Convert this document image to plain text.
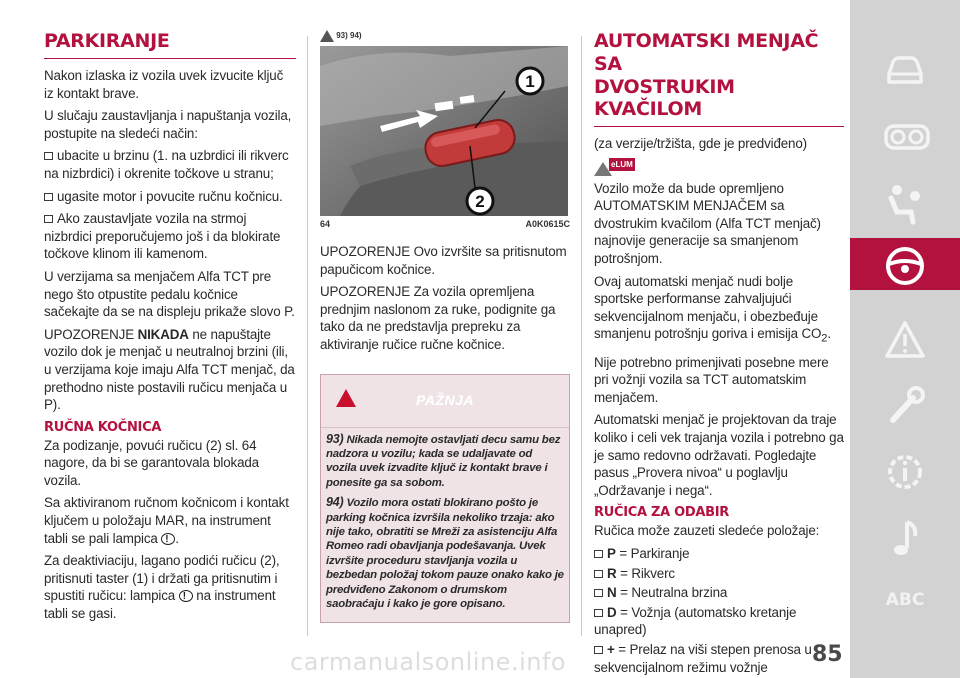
PARKIRANJE

Nakon izlaska iz vozila uvek izvucite ključ iz kontakt brave.

U slučaju zaustavljanja i napuštanja vozila, postupite na sledeći način:

ubacite u brzinu (1. na uzbrdici ili rikverc na nizbrdici) i okrenite točkove u stranu;

ugasite motor i povucite ručnu kočnicu.

Ako zaustavljate vozila na strmoj nizbrdici preporučujemo još i da blokirate točkove klinom ili kamenom.

U verzijama sa menjačem Alfa TCT pre nego što otpustite pedalu kočnice sačekajte da se na displeju prikaže slovo P.

UPOZORENJE NIKADA ne napuštajte vozilo dok je menjač u neutralnoj brzini (ili, u verzijama koje imaju Alfa TCT menjač, da prethodno niste postavili ručicu menjača u P).

RUČNA KOČNICA

Za podizanje, povući ručicu (2) sl. 64 nagore, da bi se garantovala blokada vozila.

Sa aktiviranom ručnom kočnicom i kontakt ključem u položaju MAR, na instrument tabli se pali lampica ! .

Za deaktiviaciju, lagano podići ručicu (2), pritisnuti taster (1) i držati ga pritisnutim i spustiti ručicu: lampica ! na instrument tabli se gasi.

93) 94)
1
2
64	A0K0615C

UPOZORENJE Ovo izvršite sa pritisnutom papučicom kočnice.

UPOZORENJE Za vozila opremljena prednjim naslonom za ruke, podignite ga tako da ne predstavlja prepreku za aktiviranje ručice ručne kočnice.

PAŽNJA

93) Nikada nemojte ostavljati decu samu bez nadzora u vozilu; kada se udaljavate od vozila uvek izvadite ključ iz kontakt brave i ponesite ga sa sobom.

94) Vozilo mora ostati blokirano pošto je parking kočnica izvršila nekoliko trzaja: ako nije tako, obratiti se Mreži za asistenciju Alfa Romeo radi obavljanja podešavanja. Uvek izvršite proceduru stavljanja vozila u bezbedan položaj tokom pauze onako kako je predviđeno Zakonom o drumskom saobraćaju i kako je gore opisano.

AUTOMATSKI MENJAČ SA
DVOSTRUKIM KVAČILOM

(za verzije/tržišta, gde je predviđeno)

eLUM

Vozilo može da bude opremljeno AUTOMATSKIM MENJAČEM sa dvostrukim kvačilom (Alfa TCT menjač) najnovije generacije sa smanjenom potrošnjom.

Ovaj automatski menjač nudi bolje sportske performanse zahvaljujući sekvencijalnom menjaču, i obezbeđuje smanjenu potrošnju goriva i emisija $CO_2$.

Nije potrebno primenjivati posebne mere pri vožnji vozila sa TCT automatskim menjačem.

Automatski menjač je projektovan da traje koliko i celi vek trajanja vozila i potrebno ga je samo redovno održavati. Pogledajte pasus „Provera nivoa“ u poglavlju „Održavanje i nega“.

RUČICA ZA ODABIR

Ručica može zauzeti sledeće položaje:

P = Parkiranje

R = Rikverc

N = Neutralna brzina

D = Vožnja (automatsko kretanje unapred)

+ = Prelaz na viši stepen prenosa u sekvencijalnom režimu vožnje

ABC
85
carmanualsonline.info
